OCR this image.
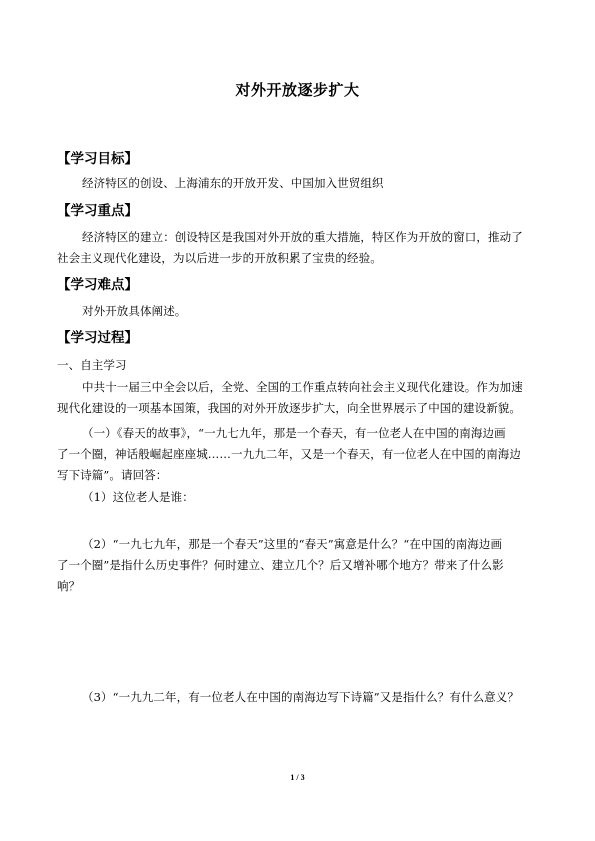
对外开放逐步扩大
【学习目标】
经济特区的创设、上海浦东的开放开发、中国加入世贸组织
【学习重点】
经济特区的建立：创设特区是我国对外开放的重大措施，特区作为开放的窗口，推动了
社会主义现代化建设，为以后进一步的开放积累了宝贵的经验。
【学习难点】
对外开放具体阐述。
【学习过程】
一、自主学习
中共十一届三中全会以后，全党、全国的工作重点转向社会主义现代化建设。作为加速
现代化建设的一项基本国策，我国的对外开放逐步扩大，向全世界展示了中国的建设新貌。
（一）《春天的故事》，“一九七九年，那是一个春天，有一位老人在中国的南海边画
了一个圈，神话般崛起座座城……一九九二年，又是一个春天，有一位老人在中国的南海边
写下诗篇”。请回答：
（1）这位老人是谁：
（2）“一九七九年，那是一个春天”这里的“春天”寓意是什么？“在中国的南海边画
了一个圈”是指什么历史事件？何时建立、建立几个？后又增补哪个地方？带来了什么影
响？
（3）“一九九二年，有一位老人在中国的南海边写下诗篇”又是指什么？有什么意义？
1 / 3
